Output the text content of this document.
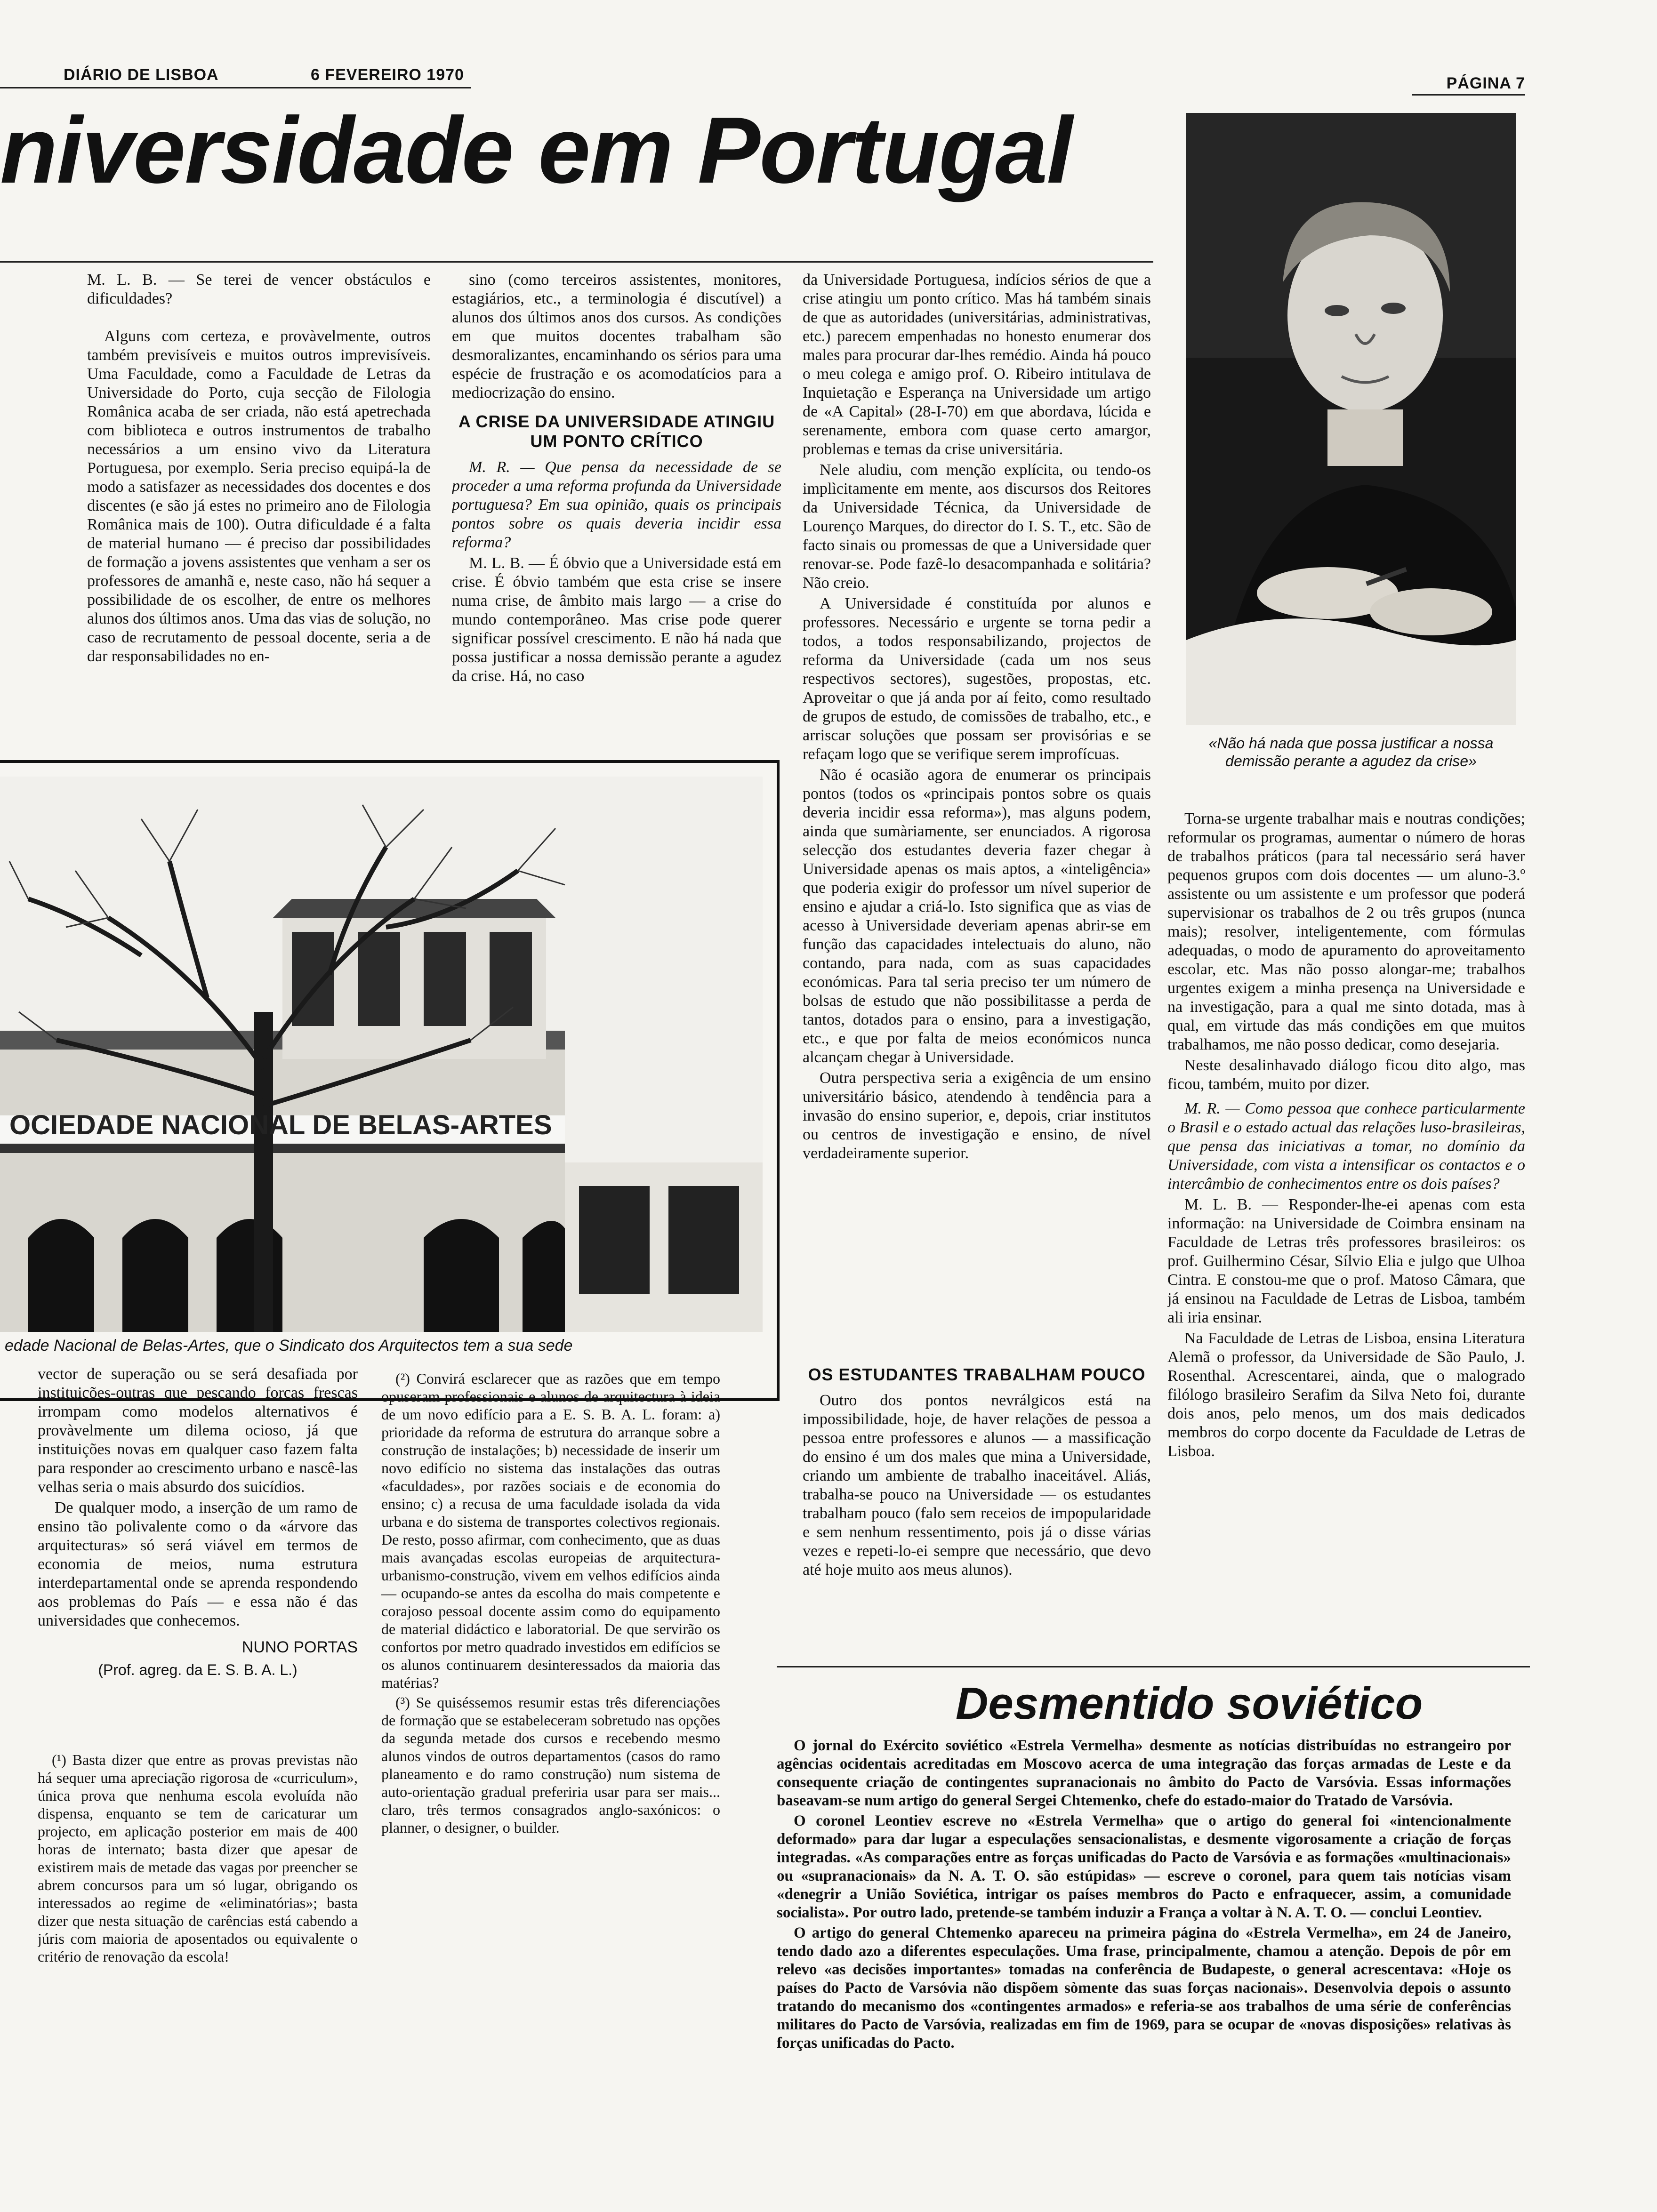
DIÁRIO DE LISBOA	6 FEVEREIRO 1970	PÁGINA 7
niversidade em Portugal

M. L. B. — Se terei de vencer obstáculos e dificuldades?

Alguns com certeza, e provàvelmente, outros também previsíveis e muitos outros imprevisíveis. Uma Faculdade, como a Faculdade de Letras da Universidade do Porto, cuja secção de Filologia Românica acaba de ser criada, não está apetrechada com biblioteca e outros instrumentos de trabalho necessários a um ensino vivo da Literatura Portuguesa, por exemplo. Seria preciso equipá-la de modo a satisfazer as necessidades dos docentes e dos discentes (e são já estes no primeiro ano de Filologia Românica mais de 100). Outra dificuldade é a falta de material humano — é preciso dar possibilidades de formação a jovens assistentes que venham a ser os professores de amanhã e, neste caso, não há sequer a possibilidade de os escolher, de entre os melhores alunos dos últimos anos. Uma das vias de solução, no caso de recrutamento de pessoal docente, seria a de dar responsabilidades no en-

sino (como terceiros assistentes, monitores, estagiários, etc., a terminologia é discutível) a alunos dos últimos anos dos cursos. As condições em que muitos docentes trabalham são desmoralizantes, encaminhando os sérios para uma espécie de frustração e os acomodatícios para a mediocrização do ensino.

A CRISE DA UNIVERSIDADE ATINGIU UM PONTO CRÍTICO

M. R. — Que pensa da necessidade de se proceder a uma reforma profunda da Universidade portuguesa? Em sua opinião, quais os principais pontos sobre os quais deveria incidir essa reforma?

M. L. B. — É óbvio que a Universidade está em crise. É óbvio também que esta crise se insere numa crise, de âmbito mais largo — a crise do mundo contemporâneo. Mas crise pode querer significar possível crescimento. E não há nada que possa justificar a nossa demissão perante a agudez da crise. Há, no caso

da Universidade Portuguesa, indícios sérios de que a crise atingiu um ponto crítico. Mas há também sinais de que as autoridades (universitárias, administrativas, etc.) parecem empenhadas no honesto enumerar dos males para procurar dar-lhes remédio. Ainda há pouco o meu colega e amigo prof. O. Ribeiro intitulava de Inquietação e Esperança na Universidade um artigo de «A Capital» (28-I-70) em que abordava, lúcida e serenamente, embora com quase certo amargor, problemas e temas da crise universitária.

Nele aludiu, com menção explícita, ou tendo-os implìcitamente em mente, aos discursos dos Reitores da Universidade Técnica, da Universidade de Lourenço Marques, do director do I. S. T., etc. São de facto sinais ou promessas de que a Universidade quer renovar-se. Pode fazê-lo desacompanhada e solitária? Não creio.

A Universidade é constituída por alunos e professores. Necessário e urgente se torna pedir a todos, a todos responsabilizando, projectos de reforma da Universidade (cada um nos seus respectivos sectores), sugestões, propostas, etc. Aproveitar o que já anda por aí feito, como resultado de grupos de estudo, de comissões de trabalho, etc., e arriscar soluções que possam ser provisórias e se refaçam logo que se verifique serem improfícuas.

Não é ocasião agora de enumerar os principais pontos (todos os «principais pontos sobre os quais deveria incidir essa reforma»), mas alguns podem, ainda que sumàriamente, ser enunciados. A rigorosa selecção dos estudantes deveria fazer chegar à Universidade apenas os mais aptos, a «inteligência» que poderia exigir do professor um nível superior de ensino e ajudar a criá-lo. Isto significa que as vias de acesso à Universidade deveriam apenas abrir-se em função das capacidades intelectuais do aluno, não contando, para nada, com as suas capacidades económicas. Para tal seria preciso ter um número de bolsas de estudo que não possibilitasse a perda de tantos, dotados para o ensino, para a investigação, etc., e que por falta de meios económicos nunca alcançam chegar à Universidade.

Outra perspectiva seria a exigência de um ensino universitário básico, atendendo à tendência para a invasão do ensino superior, e, depois, criar institutos ou centros de investigação e ensino, de nível verdadeiramente superior.

OS ESTUDANTES TRABALHAM POUCO

Outro dos pontos nevrálgicos está na impossibilidade, hoje, de haver relações de pessoa a pessoa entre professores e alunos — a massificação do ensino é um dos males que mina a Universidade, criando um ambiente de trabalho inaceitável. Aliás, trabalha-se pouco na Universidade — os estudantes trabalham pouco (falo sem receios de impopularidade e sem nenhum ressentimento, pois já o disse várias vezes e repeti-lo-ei sempre que necessário, que devo até hoje muito aos meus alunos).

«Não há nada que possa justificar a nossa demissão perante a agudez da crise»

Torna-se urgente trabalhar mais e noutras condições; reformular os programas, aumentar o número de horas de trabalhos práticos (para tal necessário será haver pequenos grupos com dois docentes — um aluno-3.º assistente ou um assistente e um professor que poderá supervisionar os trabalhos de 2 ou três grupos (nunca mais); resolver, inteligentemente, com fórmulas adequadas, o modo de apuramento do aproveitamento escolar, etc. Mas não posso alongar-me; trabalhos urgentes exigem a minha presença na Universidade e na investigação, para a qual me sinto dotada, mas à qual, em virtude das más condições em que muitos trabalhamos, me não posso dedicar, como desejaria.

Neste desalinhavado diálogo ficou dito algo, mas ficou, também, muito por dizer.

M. R. — Como pessoa que conhece particularmente o Brasil e o estado actual das relações luso-brasileiras, que pensa das iniciativas a tomar, no domínio da Universidade, com vista a intensificar os contactos e o intercâmbio de conhecimentos entre os dois países?

M. L. B. — Responder-lhe-ei apenas com esta informação: na Universidade de Coimbra ensinam na Faculdade de Letras três professores brasileiros: os prof. Guilhermino César, Sílvio Elia e julgo que Ulhoa Cintra. E constou-me que o prof. Matoso Câmara, que já ensinou na Faculdade de Letras de Lisboa, também ali iria ensinar.

Na Faculdade de Letras de Lisboa, ensina Literatura Alemã o professor, da Universidade de São Paulo, J. Rosenthal. Acrescentarei, ainda, que o malogrado filólogo brasileiro Serafim da Silva Neto foi, durante dois anos, pelo menos, um dos mais dedicados membros do corpo docente da Faculdade de Letras de Lisboa.

OCIEDADE NACIONAL DE BELAS-ARTES
edade Nacional de Belas-Artes, que o Sindicato dos Arquitectos tem a sua sede

vector de superação ou se será desafiada por instituições-outras que pescando forças frescas irrompam como modelos alternativos é provàvelmente um dilema ocioso, já que instituições novas em qualquer caso fazem falta para responder ao crescimento urbano e nascê-las velhas seria o mais absurdo dos suicídios.

De qualquer modo, a inserção de um ramo de ensino tão polivalente como o da «árvore das arquitecturas» só será viável em termos de economia de meios, numa estrutura interdepartamental onde se aprenda respondendo aos problemas do País — e essa não é das universidades que conhecemos.

NUNO PORTAS
(Prof. agreg. da E. S. B. A. L.)

(¹) Basta dizer que entre as provas previstas não há sequer uma apreciação rigorosa de «curriculum», única prova que nenhuma escola evoluída não dispensa, enquanto se tem de caricaturar um projecto, em aplicação posterior em mais de 400 horas de internato; basta dizer que apesar de existirem mais de metade das vagas por preencher se abrem concursos para um só lugar, obrigando os interessados ao regime de «eliminatórias»; basta dizer que nesta situação de carências está cabendo a júris com maioria de aposentados ou equivalente o critério de renovação da escola!

(²) Convirá esclarecer que as razões que em tempo opuseram professionais e alunos de arquitectura à ideia de um novo edifício para a E. S. B. A. L. foram: a) prioridade da reforma de estrutura do arranque sobre a construção de instalações; b) necessidade de inserir um novo edifício no sistema das instalações das outras «faculdades», por razões sociais e de economia do ensino; c) a recusa de uma faculdade isolada da vida urbana e do sistema de transportes colectivos regionais. De resto, posso afirmar, com conhecimento, que as duas mais avançadas escolas europeias de arquitectura-urbanismo-construção, vivem em velhos edifícios ainda — ocupando-se antes da escolha do mais competente e corajoso pessoal docente assim como do equipamento de material didáctico e laboratorial. De que servirão os confortos por metro quadrado investidos em edifícios se os alunos continuarem desinteressados da maioria das matérias?

(³) Se quiséssemos resumir estas três diferenciações de formação que se estabeleceram sobretudo nas opções da segunda metade dos cursos e recebendo mesmo alunos vindos de outros departamentos (casos do ramo planeamento e do ramo construção) num sistema de auto-orientação gradual preferiria usar para ser mais... claro, três termos consagrados anglo-saxónicos: o planner, o designer, o builder.

Desmentido soviético

O jornal do Exército soviético «Estrela Vermelha» desmente as notícias distribuídas no estrangeiro por agências ocidentais acreditadas em Moscovo acerca de uma integração das forças armadas de Leste e da consequente criação de contingentes supranacionais no âmbito do Pacto de Varsóvia. Essas informações baseavam-se num artigo do general Sergei Chtemenko, chefe do estado-maior do Tratado de Varsóvia.

O coronel Leontiev escreve no «Estrela Vermelha» que o artigo do general foi «intencionalmente deformado» para dar lugar a especulações sensacionalistas, e desmente vigorosamente a criação de forças integradas. «As comparações entre as forças unificadas do Pacto de Varsóvia e as formações «multinacionais» ou «supranacionais» da N. A. T. O. são estúpidas» — escreve o coronel, para quem tais notícias visam «denegrir a União Soviética, intrigar os países membros do Pacto e enfraquecer, assim, a comunidade socialista». Por outro lado, pretende-se também induzir a França a voltar à N. A. T. O. — conclui Leontiev.

O artigo do general Chtemenko apareceu na primeira página do «Estrela Vermelha», em 24 de Janeiro, tendo dado azo a diferentes especulações. Uma frase, principalmente, chamou a atenção. Depois de pôr em relevo «as decisões importantes» tomadas na conferência de Budapeste, o general acrescentava: «Hoje os países do Pacto de Varsóvia não dispõem sòmente das suas forças nacionais». Desenvolvia depois o assunto tratando do mecanismo dos «contingentes armados» e referia-se aos trabalhos de uma série de conferências militares do Pacto de Varsóvia, realizadas em fim de 1969, para se ocupar de «novas disposições» relativas às forças unificadas do Pacto.
